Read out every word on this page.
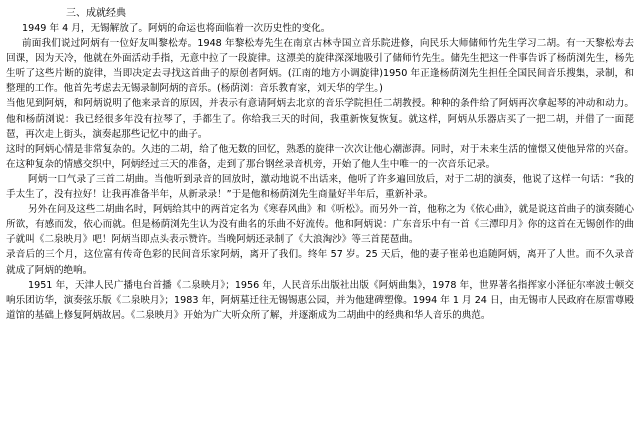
三、成就经典

1949 年 4 月，无锡解放了。阿炳的命运也将面临着一次历史性的变化。

前面我们说过阿炳有一位好友叫黎松寿。1948 年黎松寿先生在南京古林寺国立音乐院进修，向民乐大师储师竹先生学习二胡。有一天黎松寿去回课，因为天冷，他就在外面活动手指，无意中拉了一段旋律。这漂美的旋律深深地吸引了储师竹先生。储先生把这一件事告诉了杨荫浏先生，杨先生听了这些片断的旋律，当即决定去寻找这首曲子的原创者阿炳。(江南的地方小调旋律)1950 年正逢杨荫浏先生担任全国民间音乐搜集，录制，和整理的工作。他首先考虑去无锡录制阿炳的音乐。(杨荫浏：音乐教育家，刘天华的学生。)

当他见到阿炳，和阿炳说明了他来录音的原因，并表示有意请阿炳去北京的音乐学院担任二胡教授。种种的条件给了阿炳再次拿起琴的冲动和动力。他和杨荫浏说：我已经很多年没有拉琴了，手都生了。你给我三天的时间，我重新恢复恢复。就这样，阿炳从乐器店买了一把二胡，并借了一面琵琶，再次走上街头，演奏起那些记忆中的曲子。

这时的阿炳心情是非常复杂的。久违的二胡，给了他无数的回忆，熟悉的旋律一次次让他心潮澎湃。同时，对于未来生活的憧憬又使他异常的兴奋。在这种复杂的情感交织中，阿炳经过三天的准备，走到了那台钢丝录音机旁，开始了他人生中唯一的一次音乐记录。

阿炳一口气录了三首二胡曲。当他听到录音的回放时，激动地说不出话来，他听了许多遍回放后，对于二胡的演奏，他说了这样一句话：“我的手太生了，没有拉好！让我再准备半年，从新录录！”于是他和杨荫浏先生商量好半年后，重新补录。

另外在问及这些二胡曲名时，阿炳给其中的两首定名为《寒春风曲》和《听松》。而另外一首，他称之为《依心曲》，就是说这首曲子的演奏随心所欲，有感而发，依心而就。但是杨荫浏先生认为没有曲名的乐曲不好流传。他和阿炳说：广东音乐中有一首《三潭印月》你的这首在无锡创作的曲子就叫《二泉映月》吧！阿炳当即点头表示赞许。当晚阿炳还录制了《大浪淘沙》等三首琵琶曲。

录音后的三个月，这位富有传奇色彩的民间音乐家阿炳，离开了我们。终年 57 岁。25 天后，他的妻子崔弟也追随阿炳，离开了人世。而不久录音就成了阿炳的绝响。

1951 年，天津人民广播电台首播《二泉映月》；1956 年，人民音乐出版社出版《阿炳曲集》，1978 年，世界著名指挥家小泽征尔率波士顿交响乐团访华，演奏弦乐版《二泉映月》；1983 年，阿炳墓迁往无锡锡惠公园，并为他建碑塑像。1994 年 1 月 24 日，由无锡市人民政府在原雷尊殿道馆的基础上修复阿炳故居。《二泉映月》开始为广大听众所了解，并逐渐成为二胡曲中的经典和华人音乐的典范。
